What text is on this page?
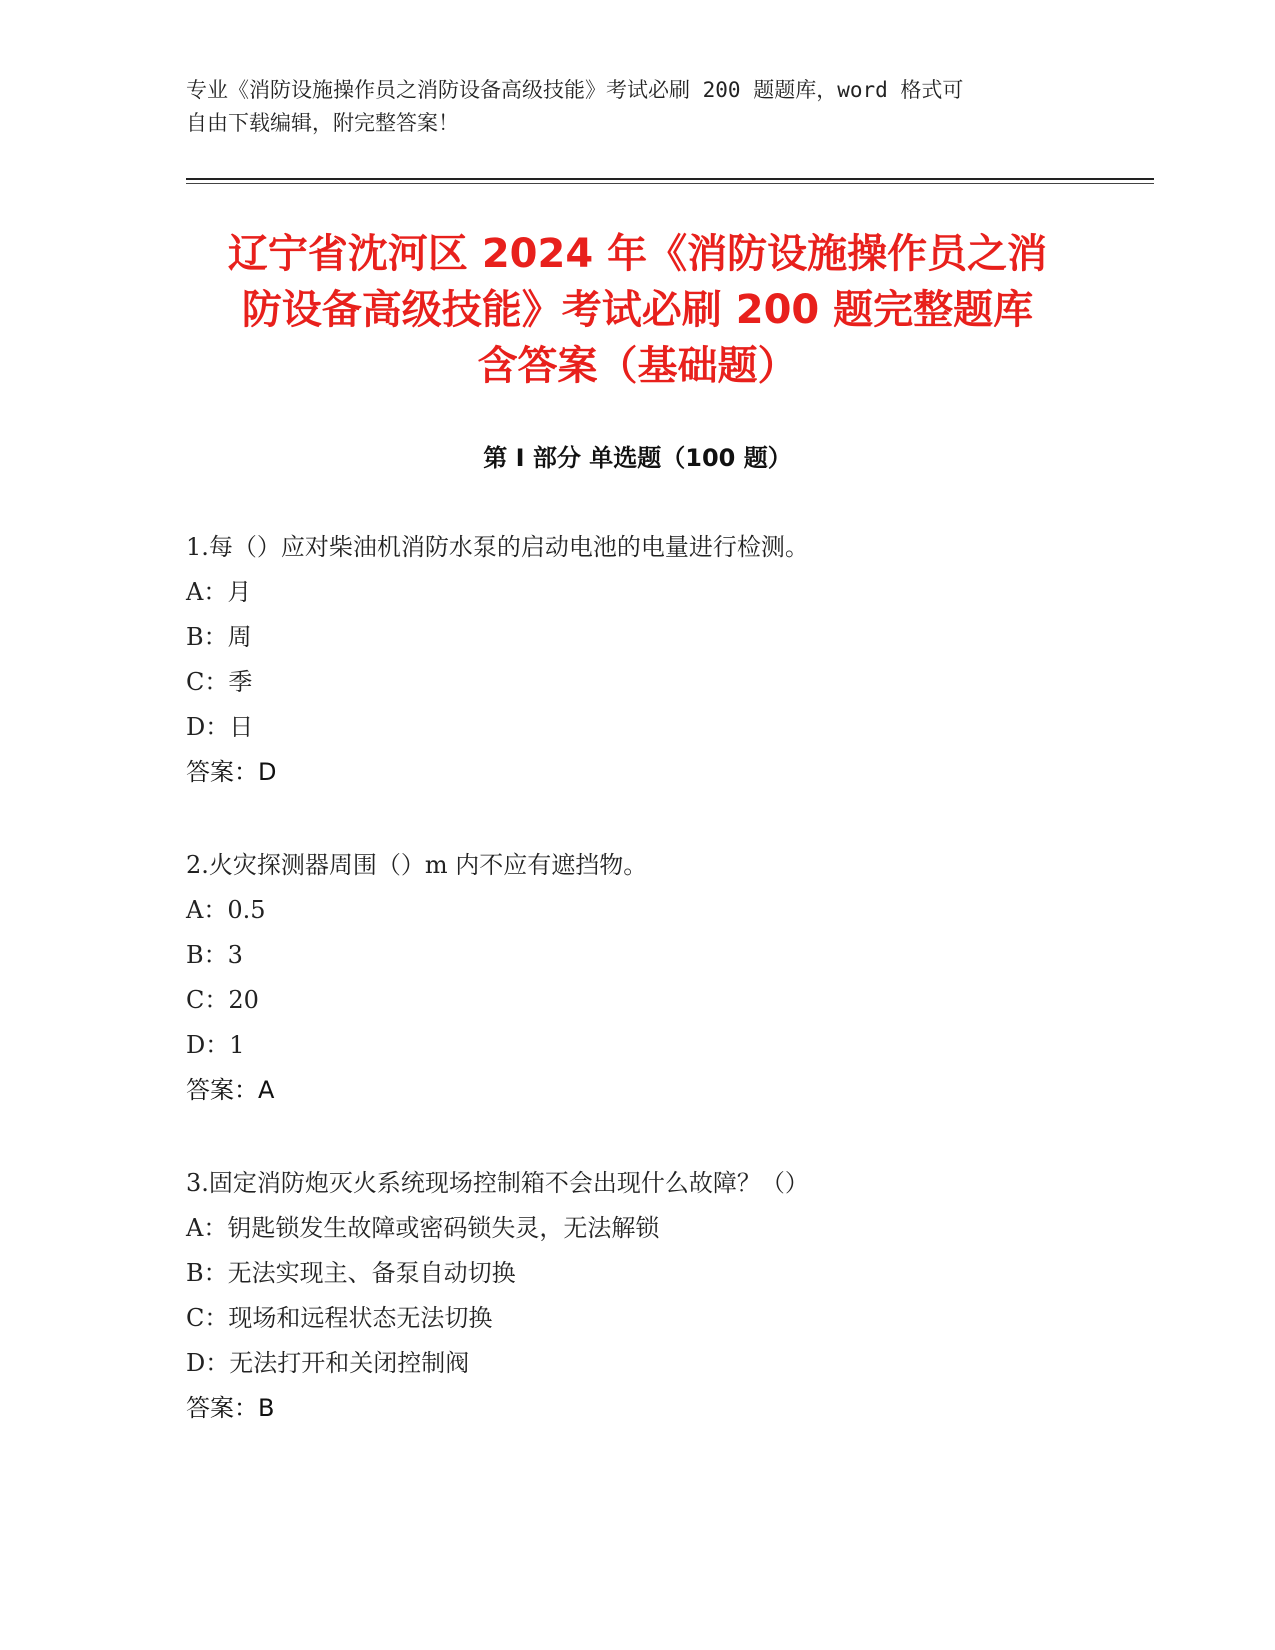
专业《消防设施操作员之消防设备高级技能》考试必刷 200 题题库，word 格式可
自由下载编辑，附完整答案！
辽宁省沈河区 2024 年《消防设施操作员之消
防设备高级技能》考试必刷 200 题完整题库
含答案（基础题）
第 I 部分 单选题（100 题）
1.每（）应对柴油机消防水泵的启动电池的电量进行检测。
A：月
B：周
C：季
D：日
答案：D
2.火灾探测器周围（）m 内不应有遮挡物。
A：0.5
B：3
C：20
D：1
答案：A
3.固定消防炮灭火系统现场控制箱不会出现什么故障？（）
A：钥匙锁发生故障或密码锁失灵，无法解锁
B：无法实现主、备泵自动切换
C：现场和远程状态无法切换
D：无法打开和关闭控制阀
答案：B
